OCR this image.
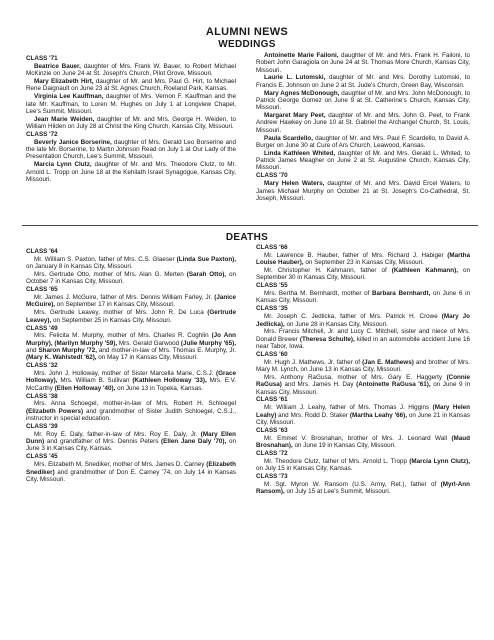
ALUMNI NEWS
WEDDINGS

CLASS '71

Beatrice Bauer, daughter of Mrs. Frank W. Bauer, to Robert Michael McKinzie on June 24 at St. Joseph's Church, Pilot Grove, Missouri.

Mary Elizabeth Hirt, daughter of Mr. and Mrs. Paul G. Hirt, to Michael Rene Daignault on June 23 at St. Agnes Church, Roeland Park, Kansas.

Virginia Lee Kauffman, daughter of Mrs. Vernon F. Kauffman and the late Mr. Kauffman, to Loren M. Hughes on July 1 at Longview Chapel, Lee's Summit, Missouri.

Jean Marie Weiden, daughter of Mr. and Mrs. George H. Weiden, to William Hilden on July 28 at Christ the King Church, Kansas City, Missouri.

CLASS '72

Beverly Janice Borserine, daughter of Mrs. Gerald Leo Borserine and the late Mr. Borserine, to Martin Johnson Read on July 1 at Our Lady of the Presentation Church, Lee's Summit, Missouri.

Marcia Lynn Clutz, daughter of Mr. and Mrs. Theodore Clutz, to Mr. Arnold L. Tropp on June 18 at the Kehilath Israel Synagogue, Kansas City, Missouri.

Antoinette Marie Failoni, daughter of Mr. and Mrs. Frank H. Failoni, to Robert John Garagiola on June 24 at St. Thomas More Church, Kansas City, Missouri.

Laurie L. Lutomski, daughter of Mr. and Mrs. Dorothy Lutomski, to Francis E. Johnson on June 2 at St. Jude's Church, Green Bay, Wisconsin.

Mary Agnes McDonough, daughter of Mr. and Mrs. John McDonough, to Patrick George Gomez on June 9 at St. Catherine's Church, Kansas City, Missouri.

Margaret Mary Peet, daughter of Mr. and Mrs. John G. Peet, to Frank Andrew Hawkey on June 10 at St. Gabriel the Archangel Church, St. Louis, Missouri.

Paula Scardello, daughter of Mr. and Mrs. Paul F. Scardello, to David A. Burger on June 30 at Cure of Ars Church, Leawood, Kansas.

Linda Kathleen Whited, daughter of Mr. and Mrs. Gerald L. Whited, to Patrick James Meagher on June 2 at St. Augustine Church, Kansas City, Missouri.

CLASS '70

Mary Helen Waters, daughter of Mr. and Mrs. David Ercel Waters, to James Michael Murphy on October 21 at St. Joseph's Co-Cathedral, St. Joseph, Missouri.

DEATHS

CLASS '64

Mr. William S. Paxton, father of Mrs. C.S. Glaeser (Linda Sue Paxton), on January 8 in Kansas City, Missouri.

Mrs. Gertrude Otto, mother of Mrs. Alan G. Merten (Sarah Otto), on October 7 in Kansas City, Missouri.

CLASS '65

Mr. James J. McGuire, father of Mrs. Dennis William Farley, Jr. (Janice McGuire), on September 17 in Kansas City, Missouri.

Mrs. Gertrude Leavey, mother of Mrs. John R. De Luca (Gertrude Leavey), on September 25 in Kansas City, Missouri.

CLASS '49

Mrs. Felicita M. Murphy, mother of Mrs. Charles R. Coghlin (Jo Ann Murphy), (Marilyn Murphy '59), Mrs. Gerald Garwood (Julie Murphy '65), and Sharon Murphy '72, and mother-in-law of Mrs. Thomas E. Murphy, Jr. (Mary K. Wahlstedt '62), on May 17 in Kansas City, Missouri.

CLASS '32

Mrs. John J. Holloway, mother of Sister Marcella Marie, C.S.J. (Grace Holloway), Mrs. William B. Sullivan (Kathleen Holloway '33), Mrs. E.V. McCarthy (Ellen Holloway '40), on June 13 in Topeka, Kansas.

CLASS '38

Mrs. Anna Schoegel, mother-in-law of Mrs. Robert H. Schloegel (Elizabeth Powers) and grandmother of Sister Judith Schloegel, C.S.J., instructor in special education.

CLASS '39

Mr. Roy E. Daly, father-in-law of Mrs. Roy E. Daly, Jr. (Mary Ellen Dunn) and grandfather of Mrs. Dennis Peters (Ellen Jane Daly '70), on June 3 in Kansas City, Kansas.

CLASS '45

Mrs. Elizabeth M. Snediker, mother of Mrs. James D. Carney (Elizabeth Snediker) and grandmother of Don E. Carney '74, on July 14 in Kansas City, Missouri.

CLASS '66

Mr. Lawrence B. Hauber, father of Mrs. Richard J. Habiger (Martha Louise Hauber), on September 23 in Kansas City, Missouri.

Mr. Christopher H. Kahmann, father of (Kathleen Kahmann), on September 30 in Kansas City, Missouri.

CLASS '55

Mrs. Bertha M. Bernhardt, mother of Barbara Bernhardt, on June 6 in Kansas City, Missouri.

CLASS '35

Mr. Joseph C. Jedlicka, father of Mrs. Patrick H. Crowe (Mary Jo Jedlicka), on June 28 in Kansas City, Missouri.

Mrs. Francis Mitchell, Jr. and Lucy C. Mitchell, sister and niece of Mrs. Donald Brewer (Theresa Schulte), killed in an automobile accident June 16 near Tabor, Iowa.

CLASS '60

Mr. Hugh J. Mathews, Jr. father of (Jan E. Mathews) and brother of Mrs. Mary M. Lynch, on June 13 in Kansas City, Missouri.

Mrs. Anthony RaGusa, mother of Mrs. Gary E. Haggerty (Connie RaGusa) and Mrs. James H. Day (Antoinette RaGusa '61), on June 9 in Kansas City, Missouri.

CLASS '61

Mr. William J. Leahy, father of Mrs. Thomas J. Higgins (Mary Helen Leahy) and Mrs. Rodd D. Staker (Martha Leahy '66), on June 21 in Kansas City, Missouri.

CLASS '63

Mr. Emmet V. Brosnahan, brother of Mrs. J. Leonard Wall (Maud Brosnahan), on June 19 in Kansas City, Missouri.

CLASS '72

Mr. Theodore Clutz, father of Mrs. Arnold L. Tropp (Marcia Lynn Clutz), on July 15 in Kansas City, Kansas.

CLASS '73

M. Sgt. Myron W. Ransom (U.S. Army, Ret.), father of (Myrl-Ann Ransom), on July 15 at Lee's Summit, Missouri.
